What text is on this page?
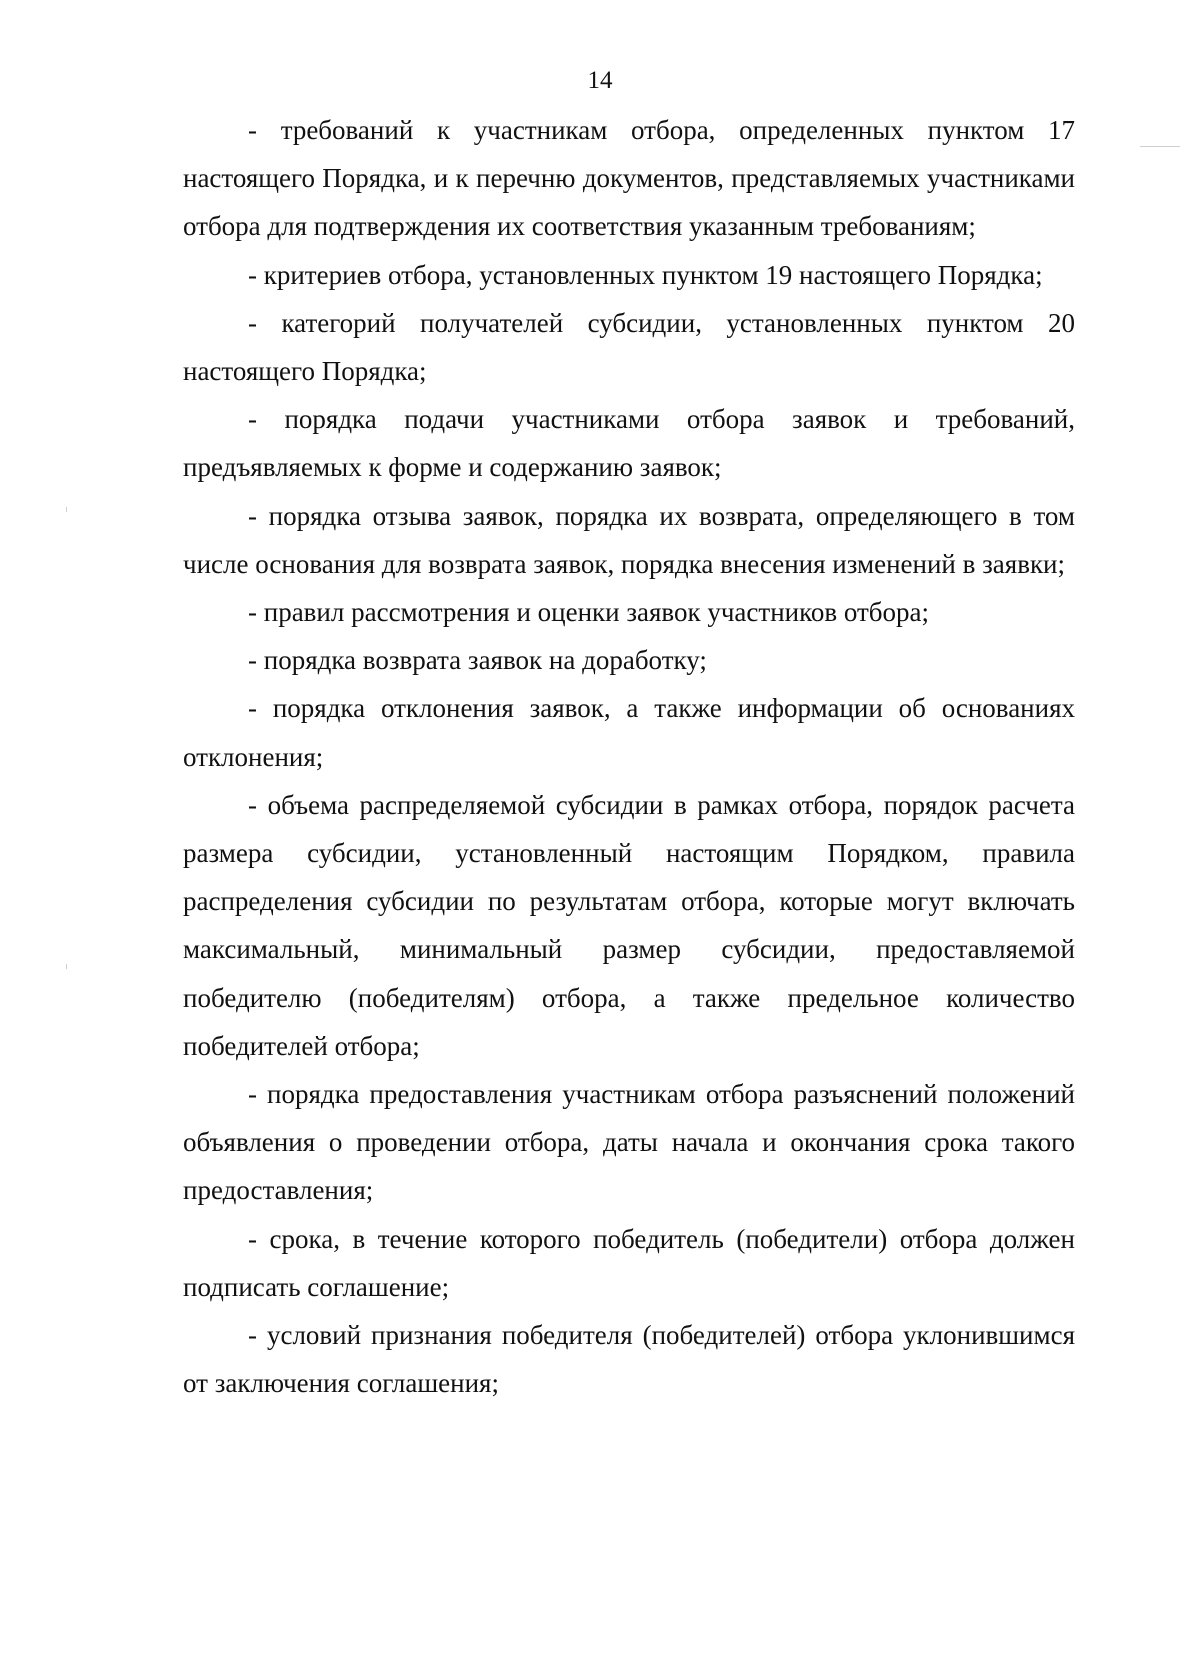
14

- требований к участникам отбора, определенных пунктом 17 настоящего Порядка, и к перечню документов, представляемых участниками отбора для подтверждения их соответствия указанным требованиям;

- критериев отбора, установленных пунктом 19 настоящего Порядка;

- категорий получателей субсидии, установленных пунктом 20 настоящего Порядка;

- порядка подачи участниками отбора заявок и требований, предъявляемых к форме и содержанию заявок;

- порядка отзыва заявок, порядка их возврата, определяющего в том числе основания для возврата заявок, порядка внесения изменений в заявки;

- правил рассмотрения и оценки заявок участников отбора;

- порядка возврата заявок на доработку;

- порядка отклонения заявок, а также информации об основаниях отклонения;

- объема распределяемой субсидии в рамках отбора, порядок расчета размера субсидии, установленный настоящим Порядком, правила распределения субсидии по результатам отбора, которые могут включать максимальный, минимальный размер субсидии, предоставляемой победителю (победителям) отбора, а также предельное количество победителей отбора;

- порядка предоставления участникам отбора разъяснений положений объявления о проведении отбора, даты начала и окончания срока такого предоставления;

- срока, в течение которого победитель (победители) отбора должен подписать соглашение;

- условий признания победителя (победителей) отбора уклонившимся от заключения соглашения;
